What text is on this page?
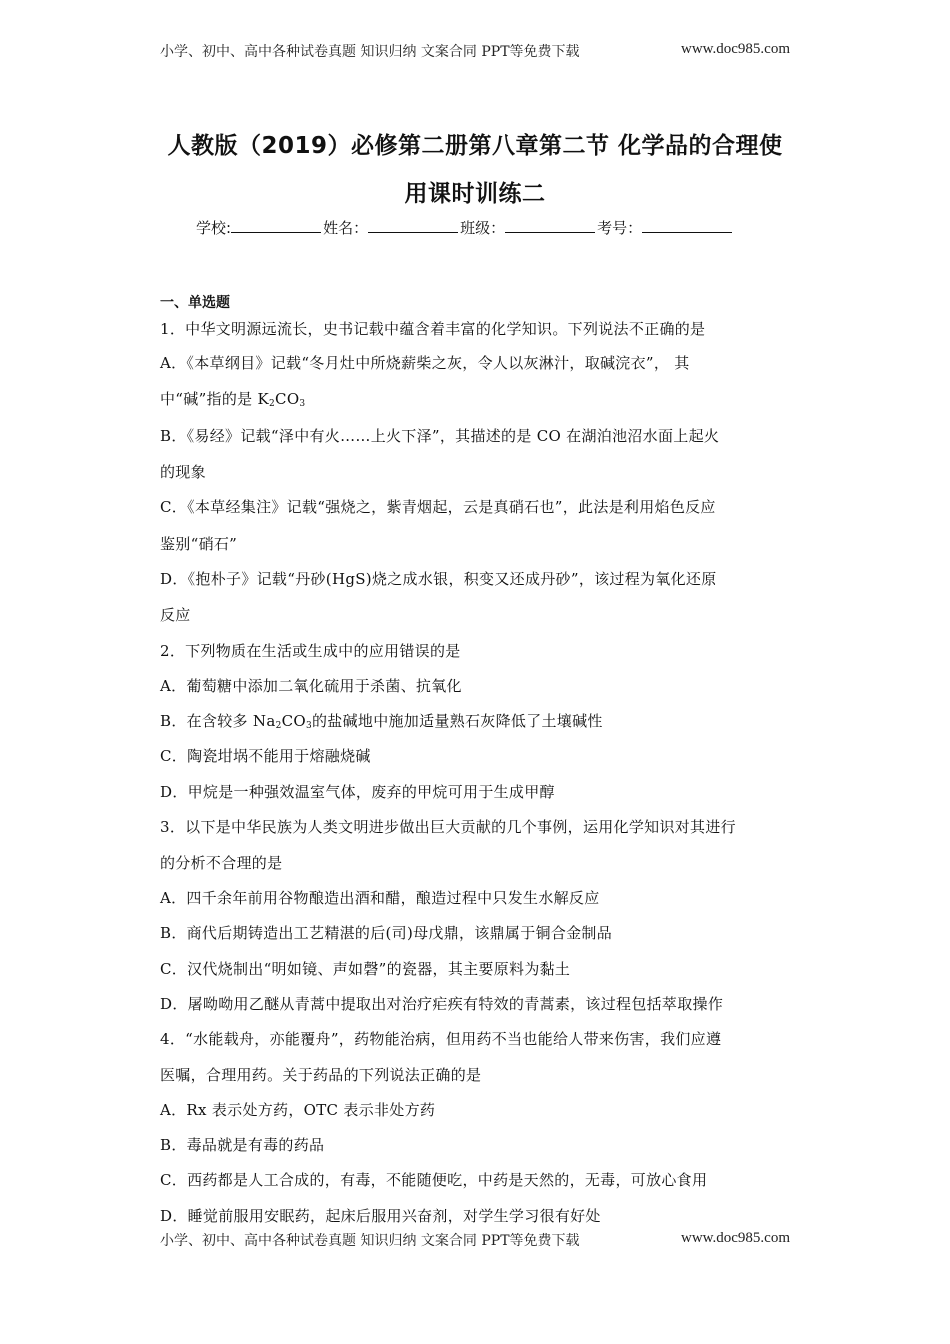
小学、初中、高中各种试卷真题 知识归纳 文案合同 PPT等免费下载	www.doc985.com
人教版（2019）必修第二册第八章第二节 化学品的合理使
用课时训练二
学校:	姓名：	班级：	考号：
一、单选题
1．中华文明源远流长，史书记载中蕴含着丰富的化学知识。下列说法不正确的是
A．《本草纲目》记载“冬月灶中所烧薪柴之灰，令人以灰淋汁，取碱浣衣”， 其
中“碱”指的是 $K_2CO_3$
B．《易经》记载“泽中有火……上火下泽”，其描述的是 CO 在湖泊池沼水面上起火
的现象
C．《本草经集注》记载“强烧之，紫青烟起，云是真硝石也”，此法是利用焰色反应
鉴别“硝石”
D．《抱朴子》记载“丹砂(HgS)烧之成水银，积变又还成丹砂”，该过程为氧化还原
反应
2．下列物质在生活或生成中的应用错误的是
A．葡萄糖中添加二氧化硫用于杀菌、抗氧化
B．在含较多 $Na_2CO_3$的盐碱地中施加适量熟石灰降低了土壤碱性
C．陶瓷坩埚不能用于熔融烧碱
D．甲烷是一种强效温室气体，废弃的甲烷可用于生成甲醇
3．以下是中华民族为人类文明进步做出巨大贡献的几个事例，运用化学知识对其进行
的分析不合理的是
A．四千余年前用谷物酿造出酒和醋，酿造过程中只发生水解反应
B．商代后期铸造出工艺精湛的后(司)母戊鼎，该鼎属于铜合金制品
C．汉代烧制出“明如镜、声如磬”的瓷器，其主要原料为黏土
D．屠呦呦用乙醚从青蒿中提取出对治疗疟疾有特效的青蒿素，该过程包括萃取操作
4．“水能载舟，亦能覆舟”，药物能治病，但用药不当也能给人带来伤害，我们应遵
医嘱，合理用药。关于药品的下列说法正确的是
A．Rx 表示处方药，OTC 表示非处方药
B．毒品就是有毒的药品
C．西药都是人工合成的，有毒，不能随便吃，中药是天然的，无毒，可放心食用
D．睡觉前服用安眠药，起床后服用兴奋剂，对学生学习很有好处
小学、初中、高中各种试卷真题 知识归纳 文案合同 PPT等免费下载	www.doc985.com
